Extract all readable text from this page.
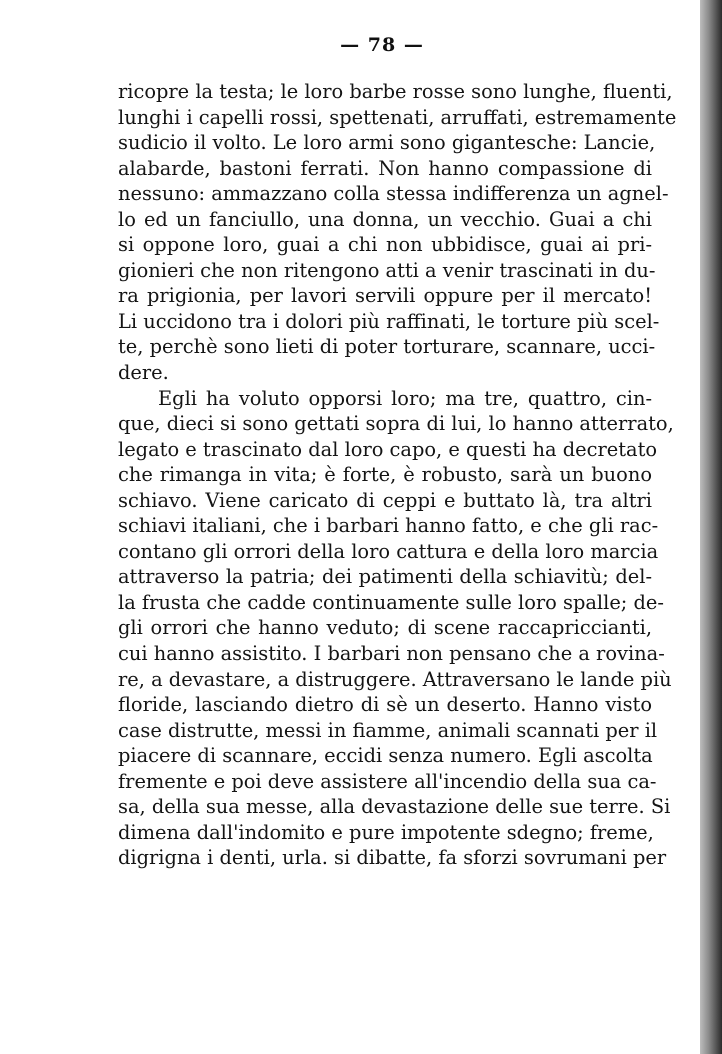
— 78 —
ricopre la testa; le loro barbe rosse sono lunghe, fluenti,
lunghi i capelli rossi, spettenati, arruffati, estremamente
sudicio il volto. Le loro armi sono gigantesche: Lancie,
alabarde, bastoni ferrati. Non hanno compassione di
nessuno: ammazzano colla stessa indifferenza un agnel-
lo ed un fanciullo, una donna, un vecchio. Guai a chi
si oppone loro, guai a chi non ubbidisce, guai ai pri-
gionieri che non ritengono atti a venir trascinati in du-
ra prigionia, per lavori servili oppure per il mercato!
Li uccidono tra i dolori più raffinati, le torture più scel-
te, perchè sono lieti di poter torturare, scannare, ucci-
dere.
Egli ha voluto opporsi loro; ma tre, quattro, cin-
que, dieci si sono gettati sopra di lui, lo hanno atterrato,
legato e trascinato dal loro capo, e questi ha decretato
che rimanga in vita; è forte, è robusto, sarà un buono
schiavo. Viene caricato di ceppi e buttato là, tra altri
schiavi italiani, che i barbari hanno fatto, e che gli rac-
contano gli orrori della loro cattura e della loro marcia
attraverso la patria; dei patimenti della schiavitù; del-
la frusta che cadde continuamente sulle loro spalle; de-
gli orrori che hanno veduto; di scene raccapriccianti,
cui hanno assistito. I barbari non pensano che a rovina-
re, a devastare, a distruggere. Attraversano le lande più
floride, lasciando dietro di sè un deserto. Hanno visto
case distrutte, messi in fiamme, animali scannati per il
piacere di scannare, eccidi senza numero. Egli ascolta
fremente e poi deve assistere all'incendio della sua ca-
sa, della sua messe, alla devastazione delle sue terre. Si
dimena dall'indomito e pure impotente sdegno; freme,
digrigna i denti, urla. si dibatte, fa sforzi sovrumani per
